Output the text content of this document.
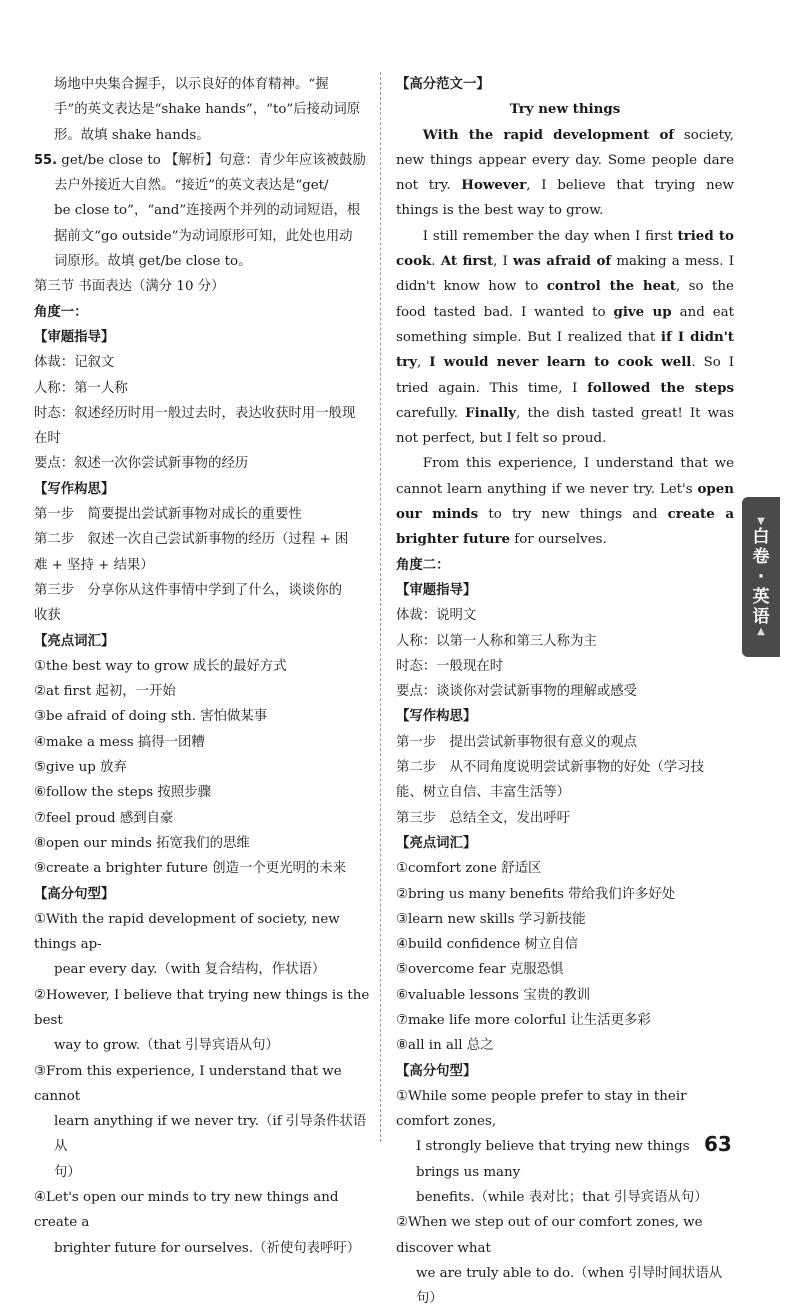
场地中央集合握手，以示良好的体育精神。“握

手”的英文表达是“shake hands”，“to”后接动词原

形。故填 shake hands。

55. get/be close to 【解析】句意：青少年应该被鼓励

去户外接近大自然。“接近”的英文表达是“get/

be close to”，“and”连接两个并列的动词短语，根

据前文“go outside”为动词原形可知，此处也用动

词原形。故填 get/be close to。

第三节 书面表达（满分 10 分）

角度一：

【审题指导】

体裁：记叙文

人称：第一人称

时态：叙述经历时用一般过去时，表达收获时用一般现

在时

要点：叙述一次你尝试新事物的经历

【写作构思】

第一步　简要提出尝试新事物对成长的重要性

第二步　叙述一次自己尝试新事物的经历（过程 + 困

难 + 坚持 + 结果）

第三步　分享你从这件事情中学到了什么，谈谈你的

收获

【亮点词汇】

①the best way to grow 成长的最好方式

②at first 起初，一开始

③be afraid of doing sth. 害怕做某事

④make a mess 搞得一团糟

⑤give up 放弃

⑥follow the steps 按照步骤

⑦feel proud 感到自豪

⑧open our minds 拓宽我们的思维

⑨create a brighter future 创造一个更光明的未来

【高分句型】

①With the rapid development of society, new things ap-

pear every day.（with 复合结构，作状语）

②However, I believe that trying new things is the best

way to grow.（that 引导宾语从句）

③From this experience, I understand that we cannot

learn anything if we never try.（if 引导条件状语从

句）

④Let's open our minds to try new things and create a

brighter future for ourselves.（祈使句表呼吁）

【高分范文一】

Try new things

With the rapid development of society, new things appear every day. Some people dare not try. However, I believe that trying new things is the best way to grow.

I still remember the day when I first tried to cook. At first, I was afraid of making a mess. I didn't know how to control the heat, so the food tasted bad. I wanted to give up and eat something simple. But I realized that if I didn't try, I would never learn to cook well. So I tried again. This time, I followed the steps carefully. Finally, the dish tasted great! It was not perfect, but I felt so proud.

From this experience, I understand that we cannot learn anything if we never try. Let's open our minds to try new things and create a brighter future for ourselves.

角度二：

【审题指导】

体裁：说明文

人称：以第一人称和第三人称为主

时态：一般现在时

要点：谈谈你对尝试新事物的理解或感受

【写作构思】

第一步　提出尝试新事物很有意义的观点

第二步　从不同角度说明尝试新事物的好处（学习技

能、树立自信、丰富生活等）

第三步　总结全文，发出呼吁

【亮点词汇】

①comfort zone 舒适区

②bring us many benefits 带给我们许多好处

③learn new skills 学习新技能

④build confidence 树立自信

⑤overcome fear 克服恐惧

⑥valuable lessons 宝贵的教训

⑦make life more colorful 让生活更多彩

⑧all in all 总之

【高分句型】

①While some people prefer to stay in their comfort zones,

I strongly believe that trying new things brings us many

benefits.（while 表对比；that 引导宾语从句）

②When we step out of our comfort zones, we discover what

we are truly able to do.（when 引导时间状语从句）

▼
白
卷
·
英
语
▲
63
